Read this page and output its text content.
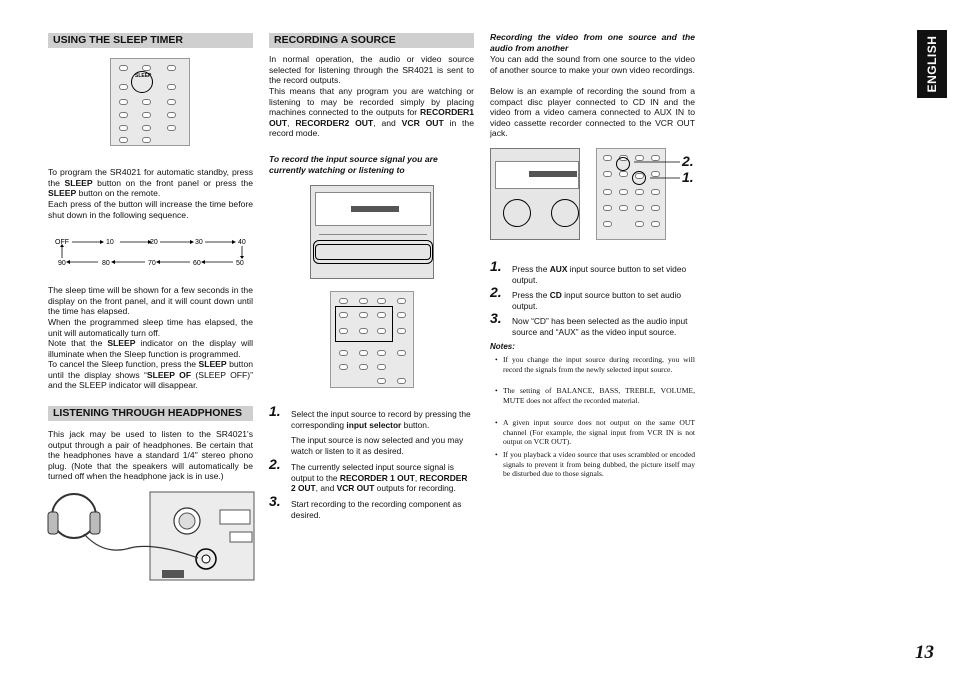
USING THE SLEEP TIMER
SLEEP
To program the SR4021 for automatic standby, press the SLEEP button on the front panel or press the SLEEP button on the remote.
Each press of the button will increase the time before shut down in the following sequence.
OFF	10	20	30	40
90	80	70	60	50
The sleep time will be shown for a few seconds in the display on the front panel, and it will count down until the time has elapsed.
When the programmed sleep time has elapsed, the unit will automatically turn off.
Note that the SLEEP indicator on the display will illuminate when the Sleep function is programmed.
To cancel the Sleep function, press the SLEEP button until the display shows “SLEEP OF (SLEEP OFF)” and the SLEEP indicator will disappear.
LISTENING THROUGH HEADPHONES
This jack may be used to listen to the SR4021's output through a pair of headphones. Be certain that the headphones have a standard 1/4" stereo phono plug. (Note that the speakers will automatically be turned off when the headphone jack is in use.)
RECORDING A SOURCE
In normal operation, the audio or video source selected for listening through the SR4021 is sent to the record outputs.
This means that any program you are watching or listening to may be recorded simply by placing machines connected to the outputs for RECORDER1 OUT, RECORDER2 OUT, and VCR OUT in the record mode.
To record the input source signal you are currently watching or listening to
1. Select the input source to record by pressing the corresponding input selector button.
The input source is now selected and you may watch or listen to it as desired.
2. The currently selected input source signal is output to the RECORDER 1 OUT, RECORDER 2 OUT, and VCR OUT outputs for recording.
3. Start recording to the recording component as desired.
Recording the video from one source and the audio from another
You can add the sound from one source to the video of another source to make your own video recordings.
Below is an example of recording the sound from a compact disc player connected to CD IN and the video from a video camera connected to AUX IN to video cassette recorder connected to the VCR OUT jack.
2.
1.
1. Press the AUX input source button to set video output.
2. Press the CD input source button to set audio output.
3. Now “CD” has been selected as the audio input source and “AUX” as the video input source.
Notes:
• If you change the input source during recording, you will record the signals from the newly selected input source.
• The setting of BALANCE, BASS, TREBLE, VOLUME, MUTE does not affect the recorded material.
• A given input source does not output on the same OUT channel (For example, the signal input from VCR IN is not output on VCR OUT).
• If you playback a video source that uses scrambled or encoded signals to prevent it from being dubbed, the picture itself may be disturbed due to those signals.
ENGLISH
13
